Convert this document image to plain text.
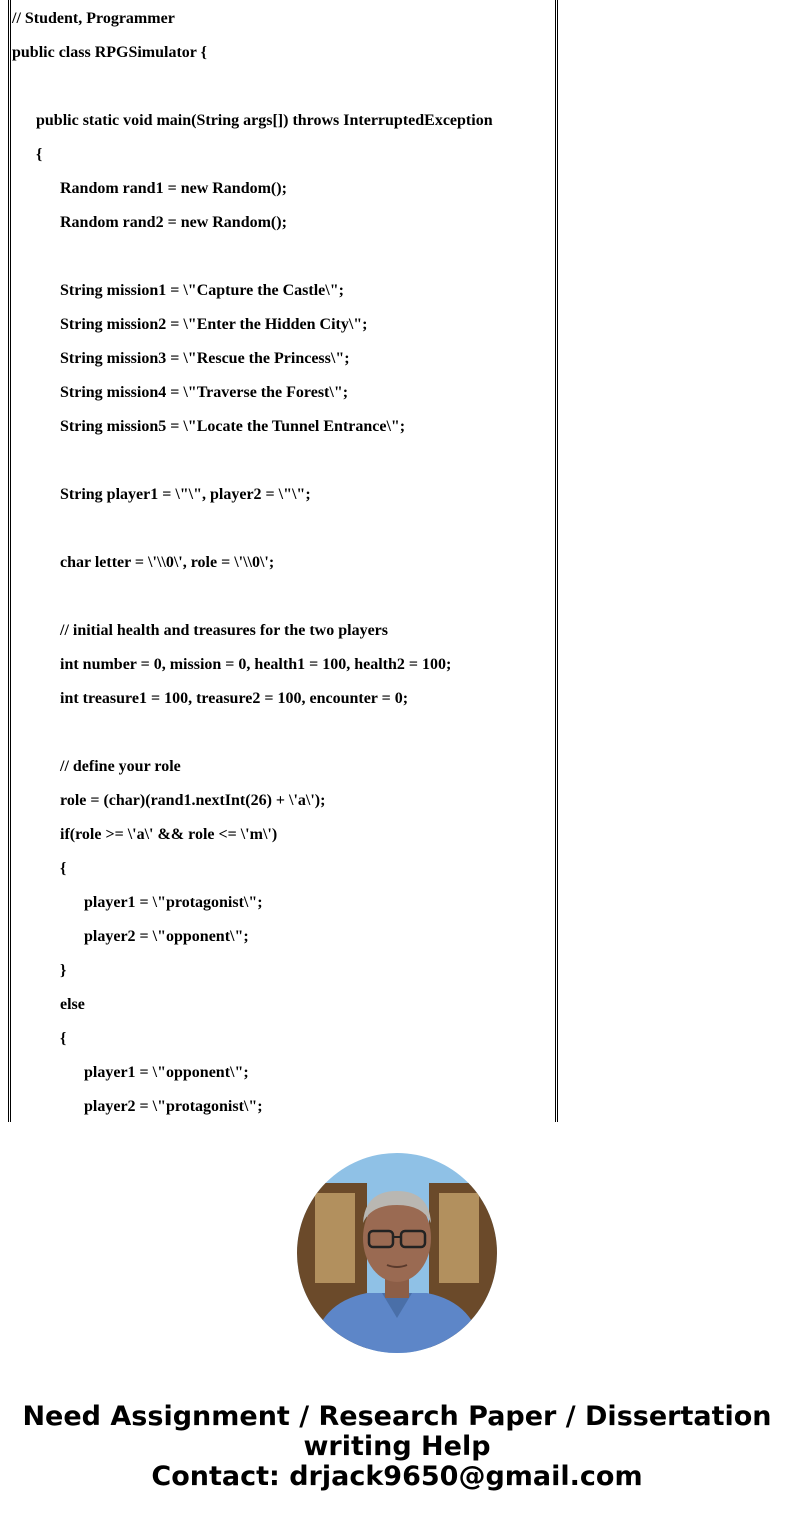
// Student, Programmer
public class RPGSimulator {
public static void main(String args[]) throws InterruptedException
{
Random rand1 = new Random();
Random rand2 = new Random();
String mission1 = \"Capture the Castle\";
String mission2 = \"Enter the Hidden City\";
String mission3 = \"Rescue the Princess\";
String mission4 = \"Traverse the Forest\";
String mission5 = \"Locate the Tunnel Entrance\";
String player1 = \"\", player2 = \"\";
char letter = \'\\0\', role = \'\\0\';
// initial health and treasures for the two players
int number = 0, mission = 0, health1 = 100, health2 = 100;
int treasure1 = 100, treasure2 = 100, encounter = 0;
// define your role
role = (char)(rand1.nextInt(26) + \'a\');
if(role >= \'a\' && role <= \'m\')
{
player1 = \"protagonist\";
player2 = \"opponent\";
}
else
{
player1 = \"opponent\";
player2 = \"protagonist\";
Need Assignment / Research Paper / Dissertation
writing Help
Contact: drjack9650@gmail.com
